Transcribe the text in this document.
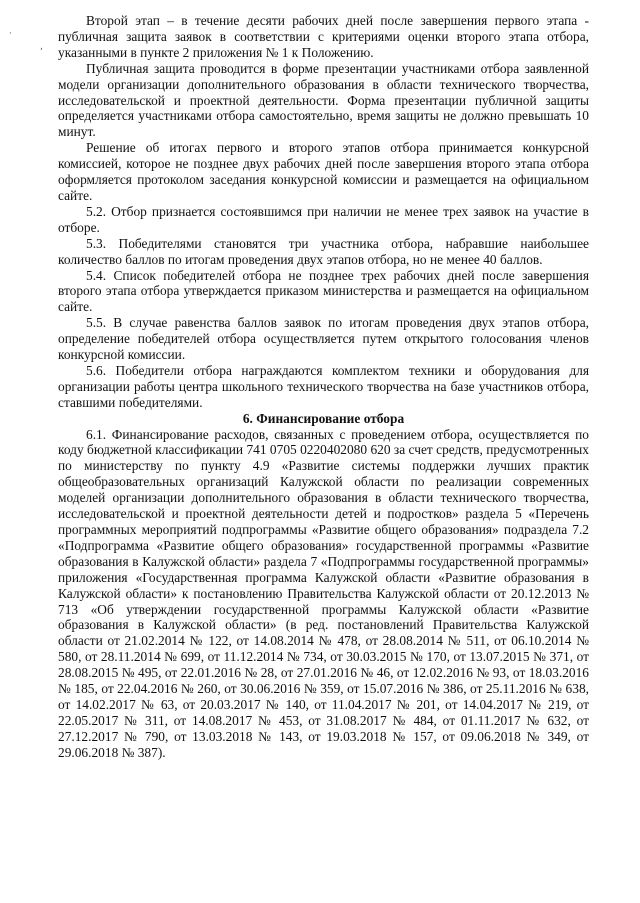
·
,

Второй этап – в течение десяти рабочих дней после завершения первого этапа - публичная защита заявок в соответствии с критериями оценки второго этапа отбора, указанными в пункте 2 приложения № 1 к Положению.

Публичная защита проводится в форме презентации участниками отбора заявленной модели организации дополнительного образования в области технического творчества, исследовательской и проектной деятельности. Форма презентации публичной защиты определяется участниками отбора самостоятельно, время защиты не должно превышать 10 минут.

Решение об итогах первого и второго этапов отбора принимается конкурсной комиссией, которое не позднее двух рабочих дней после завершения второго этапа отбора оформляется протоколом заседания конкурсной комиссии и размещается на официальном сайте.

5.2. Отбор признается состоявшимся при наличии не менее трех заявок на участие в отборе.

5.3. Победителями становятся три участника отбора, набравшие наибольшее количество баллов по итогам проведения двух этапов отбора, но не менее 40 баллов.

5.4. Список победителей отбора не позднее трех рабочих дней после завершения второго этапа отбора утверждается приказом министерства и размещается на официальном сайте.

5.5. В случае равенства баллов заявок по итогам проведения двух этапов отбора, определение победителей отбора осуществляется путем открытого голосования членов конкурсной комиссии.

5.6. Победители отбора награждаются комплектом техники и оборудования для организации работы центра школьного технического творчества на базе участников отбора, ставшими победителями.

6. Финансирование отбора

6.1. Финансирование расходов, связанных с проведением отбора, осуществляется по коду бюджетной классификации 741 0705 0220402080 620 за счет средств, предусмотренных по министерству по пункту 4.9 «Развитие системы поддержки лучших практик общеобразовательных организаций Калужской области по реализации современных моделей организации дополнительного образования в области технического творчества, исследовательской и проектной деятельности детей и подростков» раздела 5 «Перечень программных мероприятий подпрограммы «Развитие общего образования» подраздела 7.2 «Подпрограмма «Развитие общего образования» государственной программы «Развитие образования в Калужской области» раздела 7 «Подпрограммы государственной программы» приложения «Государственная программа Калужской области «Развитие образования в Калужской области» к постановлению Правительства Калужской области от 20.12.2013 № 713 «Об утверждении государственной программы Калужской области «Развитие образования в Калужской области» (в ред. постановлений Правительства Калужской области от 21.02.2014 № 122, от 14.08.2014 № 478, от 28.08.2014 № 511, от 06.10.2014 № 580, от 28.11.2014 № 699, от 11.12.2014 № 734, от 30.03.2015 № 170, от 13.07.2015 № 371, от 28.08.2015 № 495, от 22.01.2016 № 28, от 27.01.2016 № 46, от 12.02.2016 № 93, от 18.03.2016 № 185, от 22.04.2016 № 260, от 30.06.2016 № 359, от 15.07.2016 № 386, от 25.11.2016 № 638, от 14.02.2017 № 63, от 20.03.2017 № 140, от 11.04.2017 № 201, от 14.04.2017 № 219, от 22.05.2017 № 311, от 14.08.2017 № 453, от 31.08.2017 № 484, от 01.11.2017 № 632, от 27.12.2017 № 790, от 13.03.2018 № 143, от 19.03.2018 № 157, от 09.06.2018 № 349, от 29.06.2018 № 387).
